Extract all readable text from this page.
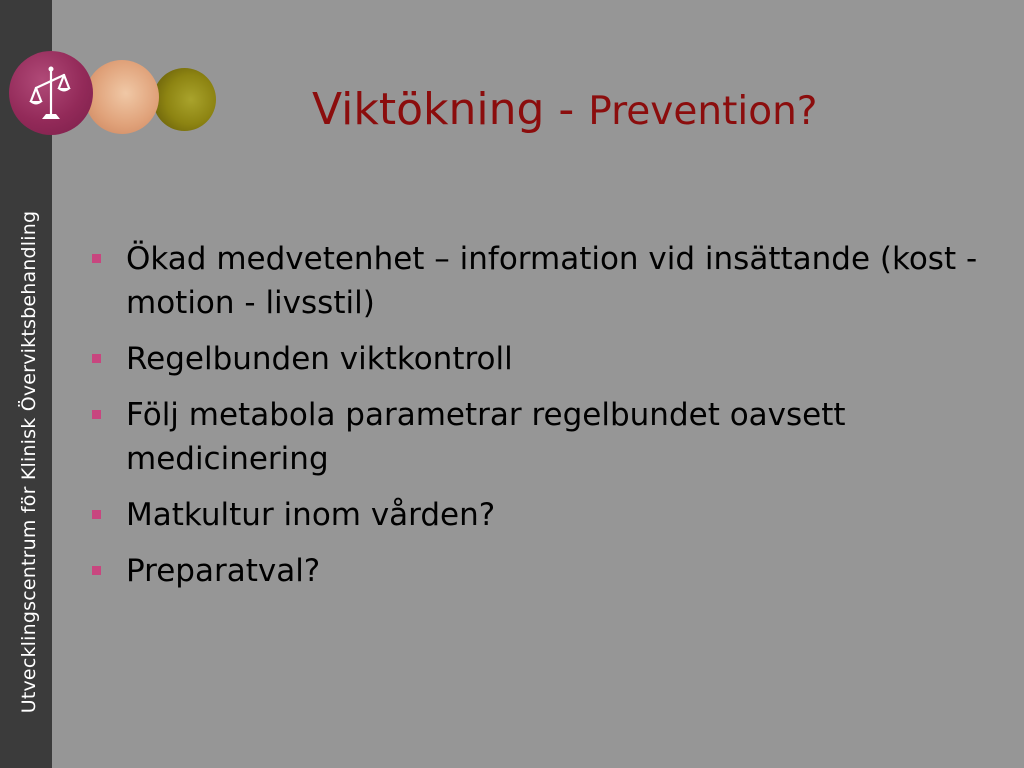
Utvecklingscentrum för Klinisk Överviktsbehandling
Viktökning - Prevention?
Ökad medvetenhet – information vid insättande (kost - motion - livsstil)
Regelbunden viktkontroll
Följ metabola parametrar regelbundet oavsett medicinering
Matkultur inom vården?
Preparatval?
